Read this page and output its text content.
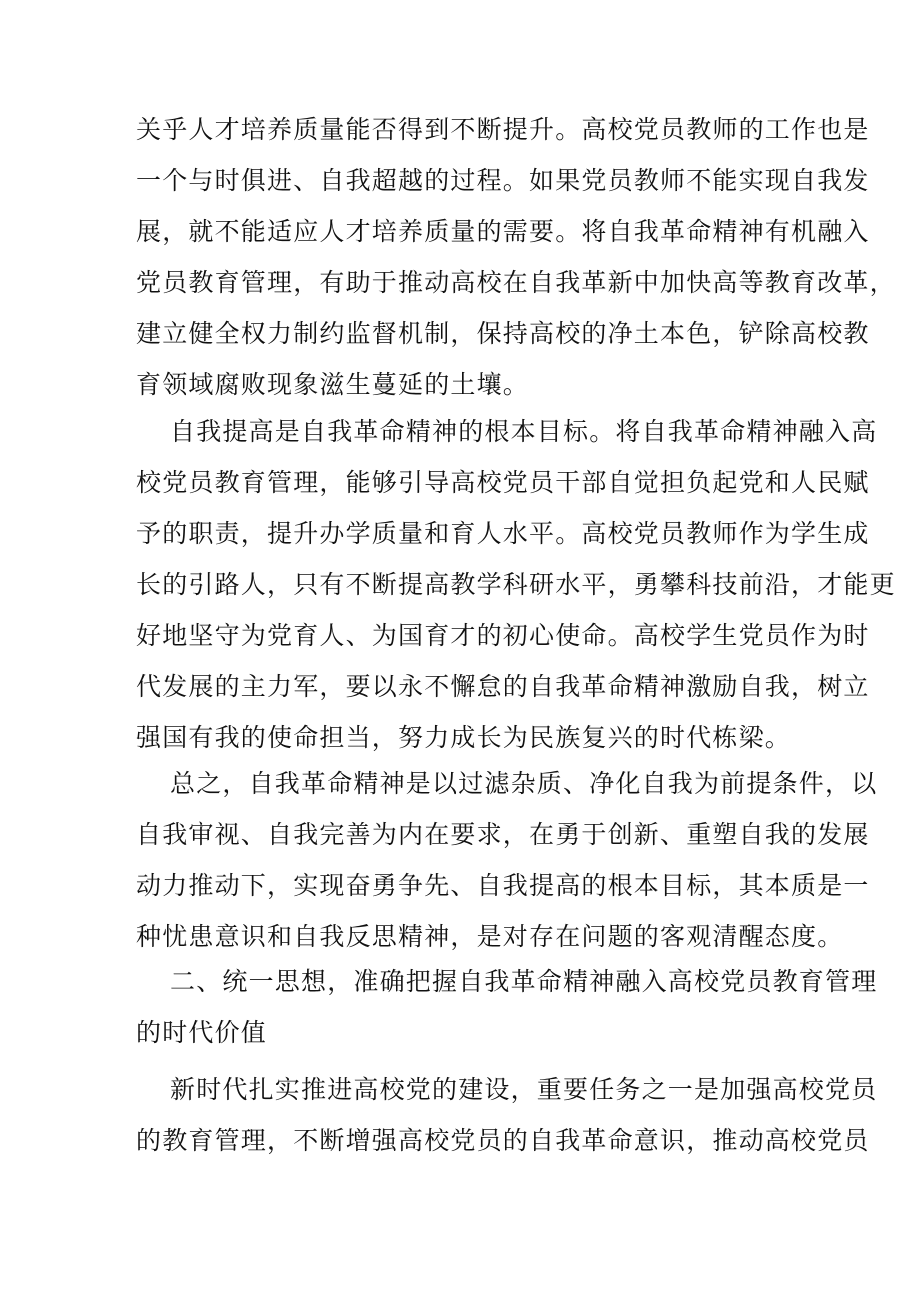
关乎人才培养质量能否得到不断提升。高校党员教师的工作也是
一个与时俱进、自我超越的过程。如果党员教师不能实现自我发
展，就不能适应人才培养质量的需要。将自我革命精神有机融入
党员教育管理，有助于推动高校在自我革新中加快高等教育改革，
建立健全权力制约监督机制，保持高校的净土本色，铲除高校教
育领域腐败现象滋生蔓延的土壤。
自我提高是自我革命精神的根本目标。将自我革命精神融入高
校党员教育管理，能够引导高校党员干部自觉担负起党和人民赋
予的职责，提升办学质量和育人水平。高校党员教师作为学生成
长的引路人，只有不断提高教学科研水平，勇攀科技前沿，才能更
好地坚守为党育人、为国育才的初心使命。高校学生党员作为时
代发展的主力军，要以永不懈怠的自我革命精神激励自我，树立
强国有我的使命担当，努力成长为民族复兴的时代栋梁。
总之，自我革命精神是以过滤杂质、净化自我为前提条件，以
自我审视、自我完善为内在要求，在勇于创新、重塑自我的发展
动力推动下，实现奋勇争先、自我提高的根本目标，其本质是一
种忧患意识和自我反思精神，是对存在问题的客观清醒态度。
二、统一思想，准确把握自我革命精神融入高校党员教育管理
的时代价值
新时代扎实推进高校党的建设，重要任务之一是加强高校党员
的教育管理，不断增强高校党员的自我革命意识，推动高校党员
